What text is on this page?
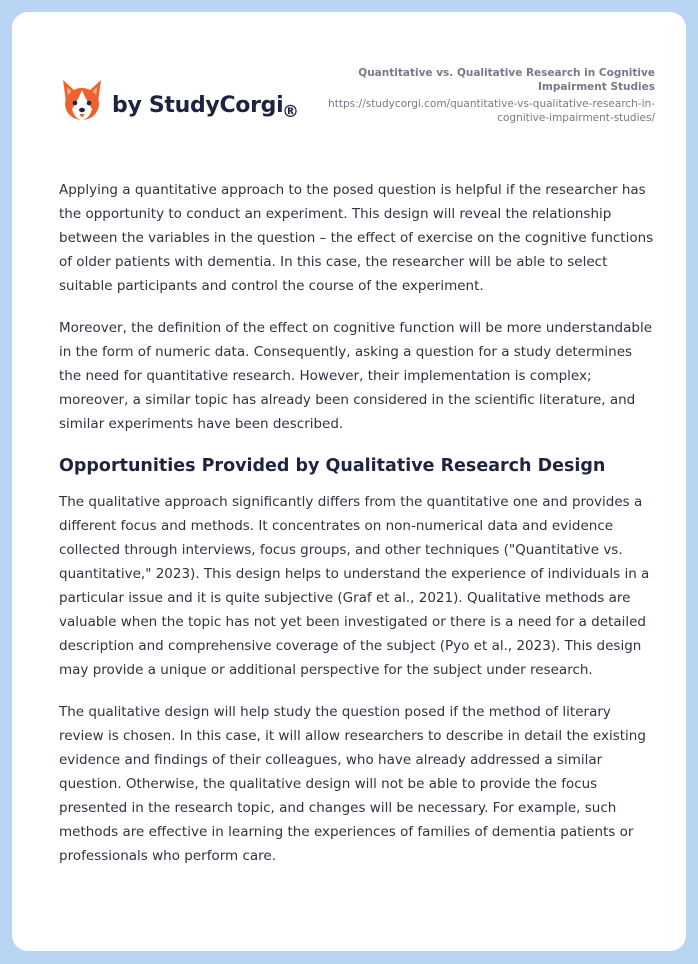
by StudyCorgi
®
Quantitative vs. Qualitative Research in Cognitive Impairment Studies
https://studycorgi.com/quantitative-vs-qualitative-research-in-cognitive-impairment-studies/

Applying a quantitative approach to the posed question is helpful if the researcher has the opportunity to conduct an experiment. This design will reveal the relationship between the variables in the question – the effect of exercise on the cognitive functions of older patients with dementia. In this case, the researcher will be able to select suitable participants and control the course of the experiment.

Moreover, the definition of the effect on cognitive function will be more understandable in the form of numeric data. Consequently, asking a question for a study determines the need for quantitative research. However, their implementation is complex; moreover, a similar topic has already been considered in the scientific literature, and similar experiments have been described.

Opportunities Provided by Qualitative Research Design

The qualitative approach significantly differs from the quantitative one and provides a different focus and methods. It concentrates on non-numerical data and evidence collected through interviews, focus groups, and other techniques ("Quantitative vs. quantitative," 2023). This design helps to understand the experience of individuals in a particular issue and it is quite subjective (Graf et al., 2021). Qualitative methods are valuable when the topic has not yet been investigated or there is a need for a detailed description and comprehensive coverage of the subject (Pyo et al., 2023). This design may provide a unique or additional perspective for the subject under research.

The qualitative design will help study the question posed if the method of literary review is chosen. In this case, it will allow researchers to describe in detail the existing evidence and findings of their colleagues, who have already addressed a similar question. Otherwise, the qualitative design will not be able to provide the focus presented in the research topic, and changes will be necessary. For example, such methods are effective in learning the experiences of families of dementia patients or professionals who perform care.
